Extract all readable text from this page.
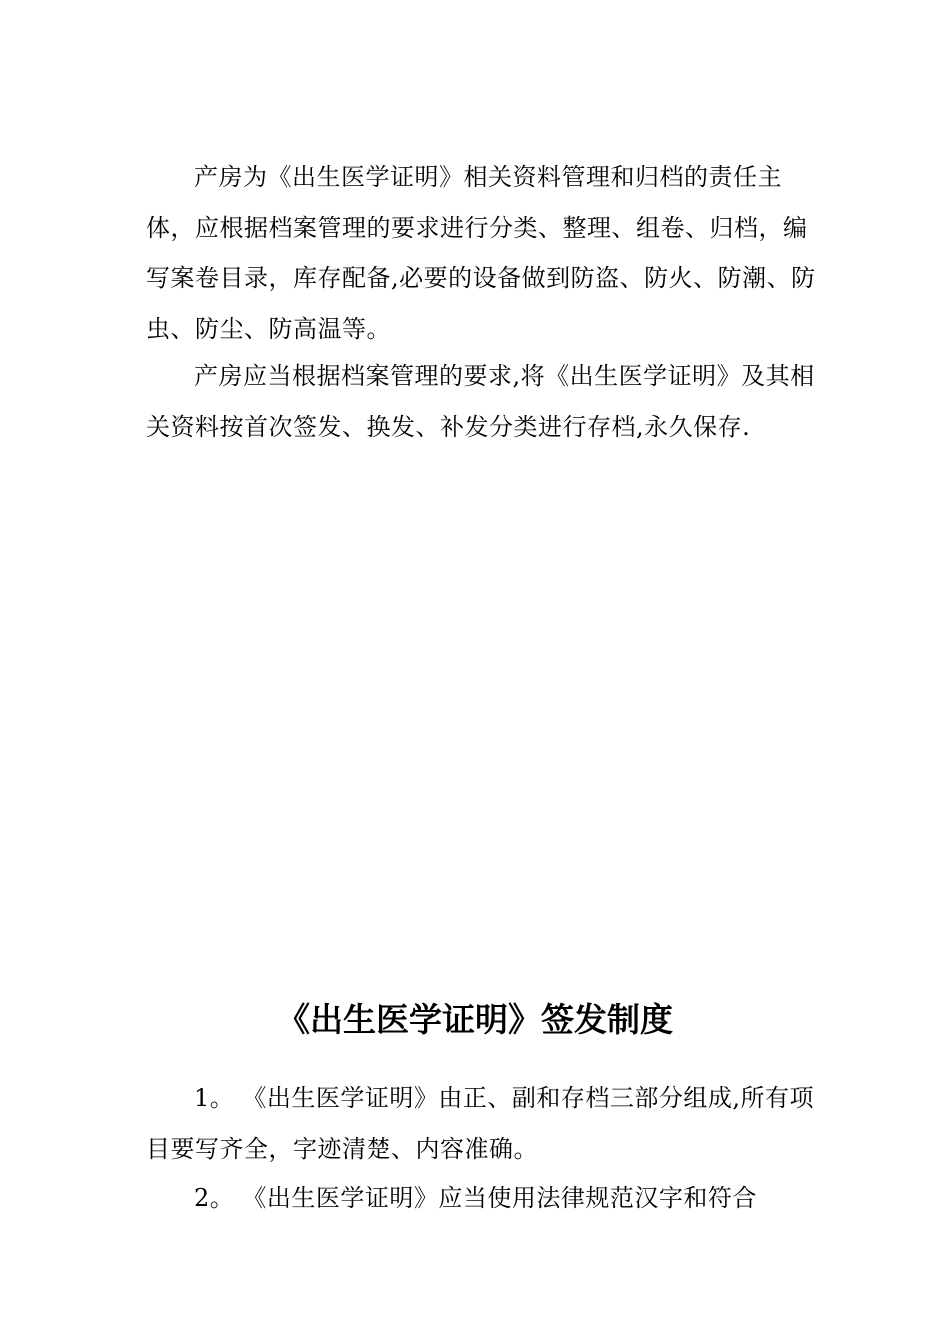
产房为《出生医学证明》相关资料管理和归档的责任主体，应根据档案管理的要求进行分类、整理、组卷、归档，编写案卷目录，库存配备,必要的设备做到防盗、防火、防潮、防虫、防尘、防高温等。

产房应当根据档案管理的要求,将《出生医学证明》及其相关资料按首次签发、换发、补发分类进行存档,永久保存.

《出生医学证明》签发制度

1。 《出生医学证明》由正、副和存档三部分组成,所有项目要写齐全，字迹清楚、内容准确。

2。 《出生医学证明》应当使用法律规范汉字和符合
